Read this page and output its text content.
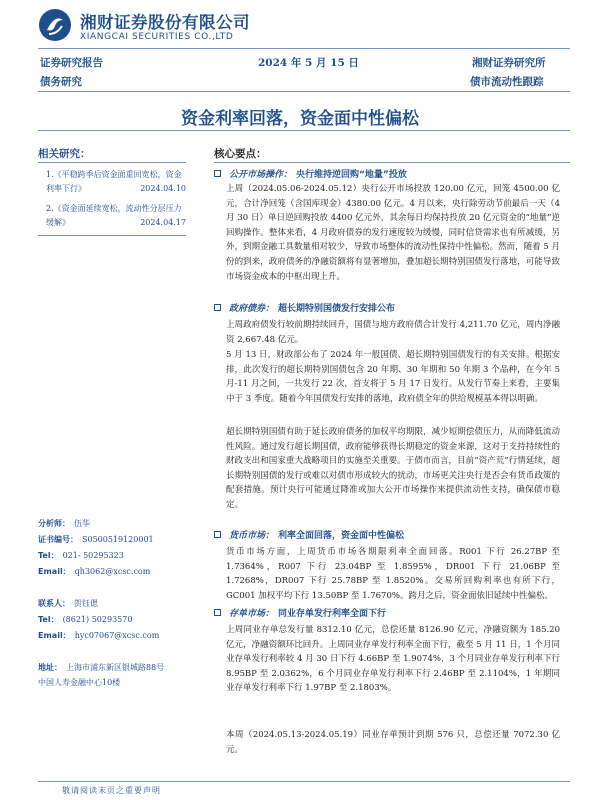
湘财证券股份有限公司
XIANGCAI SECURITIES CO.,LTD
证券研究报告	2024 年 5 月 15 日	湘财证券研究所
债务研究	债市流动性跟踪
资金利率回落，资金面中性偏松
相关研究：
1.《平稳跨季后资金面重回宽松，资金利率下行》	2024.04.10
2.《资金面延续宽松，流动性分层压力缓解》	2024.04.17
分析师： 伍华
证书编号： S0500519120001
Tel： 021- 50295323
Email： qh3062@xcsc.com
联系人： 贺钰偲
Tel： (8621) 50293570
Email： hyc07067@xcsc.com
地址： 上海市浦东新区银城路88号
中国人寿金融中心10楼
核心要点：
公开市场操作： 央行维持逆回购“地量”投放
上周（2024.05.06-2024.05.12）央行公开市场投放 120.00 亿元，回笼 4500.00 亿元，合计净回笼（含国库现金）4380.00 亿元。4 月以来，央行除劳动节前最后一天（4 月 30 日）单日逆回购投放 4400 亿元外，其余每日均保持投放 20 亿元资金的“地量”逆回购操作。整体来看，4 月政府债券的发行速度较为缓慢，同时信贷需求也有所减缓，另外，到期金融工具数量相对较少，导致市场整体的流动性保持中性偏松。然而，随着 5 月份的到来，政府债务的净融资额将有显著增加，叠加超长期特别国债发行落地，可能导致市场资金成本的中枢出现上升。
政府债券： 超长期特别国债发行安排公布
上周政府债发行较前期持续回升，国债与地方政府债合计发行 4,211.70 亿元，周内净融资 2,667.48 亿元。
5 月 13 日，财政部公布了 2024 年一般国债、超长期特别国债发行的有关安排。根据安排，此次发行的超长期特别国债包含 20 年期、30 年期和 50 年期 3 个品种，在今年 5 月-11 月之间，一共发行 22 次，首支将于 5 月 17 日发行。从发行节奏上来看，主要集中于 3 季度。随着今年国债发行安排的落地，政府债全年的供给规模基本得以明确。
超长期特别国债有助于延长政府债务的加权平均期限，减少短期偿债压力，从而降低流动性风险。通过发行超长期国债，政府能够获得长期稳定的资金来源，这对于支持持续性的财政支出和国家重大战略项目的实施至关重要。于债市而言，目前“资产荒”行情延续，超长期特别国债的发行或难以对债市形成较大的扰动，市场更关注央行是否会有货币政策的配套措施。预计央行可能通过降准或加大公开市场操作来提供流动性支持，确保债市稳定。
货币市场： 利率全面回落，资金面中性偏松
货币市场方面，上周货币市场各期限利率全面回落。R001 下行 26.27BP 至 1.7364%，R007 下行 23.04BP 至 1.8595%，DR001 下行 21.06BP 至 1.7268%，DR007 下行 25.78BP 至 1.8520%。交易所回购利率也有所下行，GC001 加权平均下行 13.50BP 至 1.7670%。跨月之后，资金面依旧延续中性偏松。
存单市场： 同业存单发行利率全面下行
上周同业存单总发行量 8312.10 亿元，总偿还量 8126.90 亿元，净融资额为 185.20 亿元，净融资额环比回升。上周同业存单发行利率全面下行，截至 5 月 11 日，1 个月同业存单发行利率较 4 月 30 日下行 4.66BP 至 1.9074%，3 个月同业存单发行利率下行 8.95BP 至 2.0362%，6 个月同业存单发行利率下行 2.46BP 至 2.1104%，1 年期同业存单发行利率下行 1.97BP 至 2.1803%。
本周（2024.05.13-2024.05.19）同业存单预计到期 576 只，总偿还量 7072.30 亿元。
敬请阅读末页之重要声明
